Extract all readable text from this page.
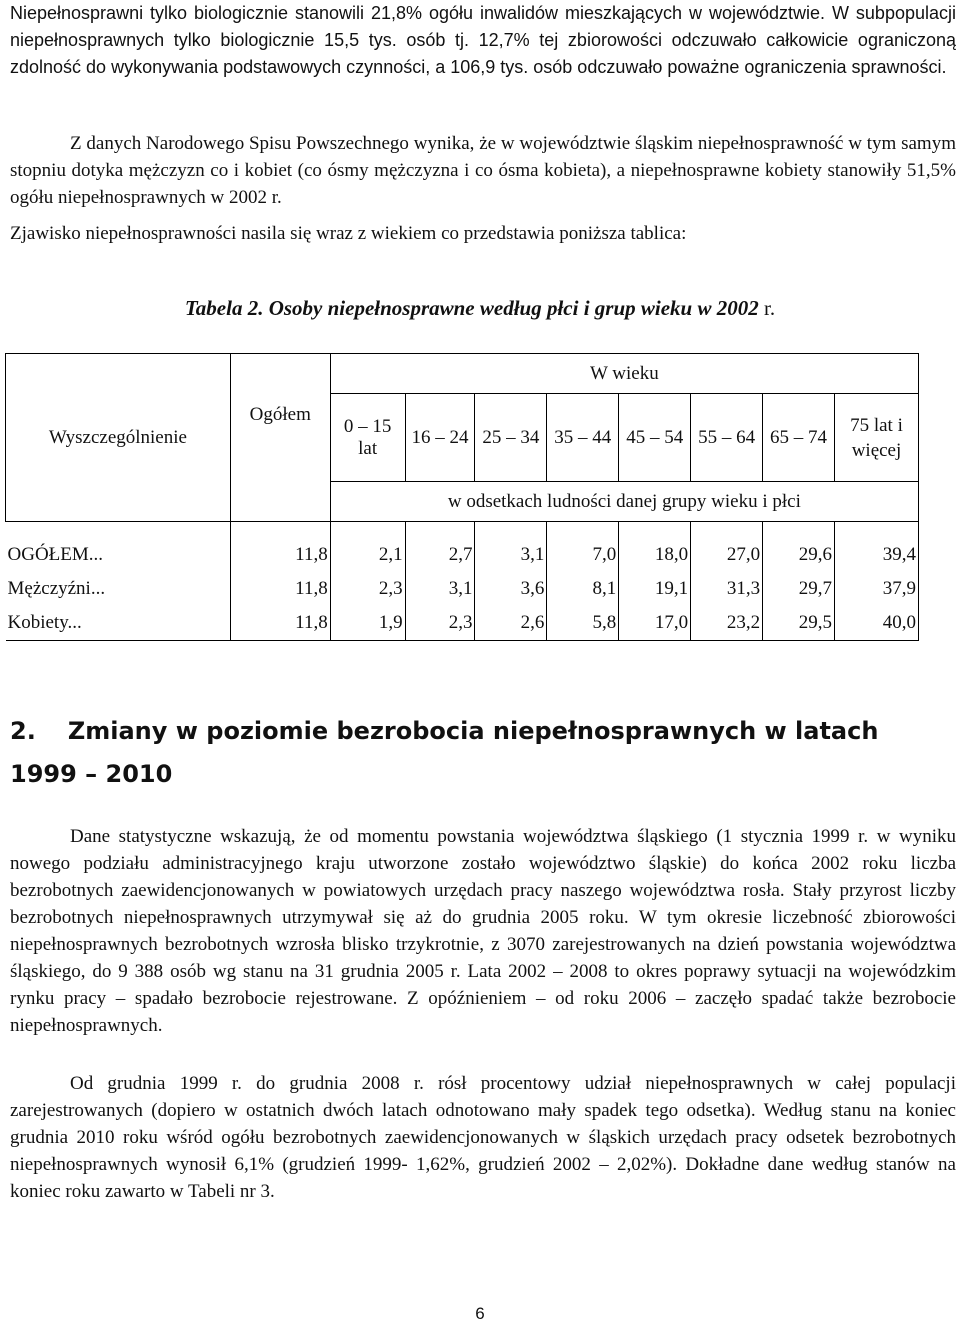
Niepełnosprawni tylko biologicznie stanowili 21,8% ogółu inwalidów mieszkających w województwie. W subpopulacji niepełnosprawnych tylko biologicznie 15,5 tys. osób tj. 12,7% tej zbiorowości odczuwało całkowicie ograniczoną zdolność do wykonywania podstawowych czynności, a 106,9 tys. osób odczuwało poważne ograniczenia sprawności.

Z danych Narodowego Spisu Powszechnego wynika, że w województwie śląskim niepełnosprawność w tym samym stopniu dotyka mężczyzn co i kobiet (co ósmy mężczyzna i co ósma kobieta), a niepełnosprawne kobiety stanowiły 51,5% ogółu niepełnosprawnych w 2002 r.

Zjawisko niepełnosprawności nasila się wraz z wiekiem co przedstawia poniższa tablica:

Tabela 2. Osoby niepełnosprawne według płci i grup wieku w 2002 r.
Wyszczególnienie	Ogółem	W wieku							
		0 – 15 lat	16 – 24	25 – 34	35 – 44	45 – 54	55 – 64	65 – 74	75 lat i więcej
		w odsetkach ludności danej grupy wieku i płci							

OGÓŁEM...	11,8	2,1	2,7	3,1	7,0	18,0	27,0	29,6	39,4
Mężczyźni...	11,8	2,3	3,1	3,6	8,1	19,1	31,3	29,7	37,9
Kobiety...	11,8	1,9	2,3	2,6	5,8	17,0	23,2	29,5	40,0
2. Zmiany w poziomie bezrobocia niepełnosprawnych w latach 1999 – 2010

Dane statystyczne wskazują, że od momentu powstania województwa śląskiego (1 stycznia 1999 r. w wyniku nowego podziału administracyjnego kraju utworzone zostało województwo śląskie) do końca 2002 roku liczba bezrobotnych zaewidencjonowanych w powiatowych urzędach pracy naszego województwa rosła. Stały przyrost liczby bezrobotnych niepełnosprawnych utrzymywał się aż do grudnia 2005 roku. W tym okresie liczebność zbiorowości niepełnosprawnych bezrobotnych wzrosła blisko trzykrotnie, z 3070 zarejestrowanych na dzień powstania województwa śląskiego, do 9 388 osób wg stanu na 31 grudnia 2005 r. Lata 2002 – 2008 to okres poprawy sytuacji na wojewódzkim rynku pracy – spadało bezrobocie rejestrowane. Z opóźnieniem – od roku 2006 – zaczęło spadać także bezrobocie niepełnosprawnych.

Od grudnia 1999 r. do grudnia 2008 r. rósł procentowy udział niepełnosprawnych w całej populacji zarejestrowanych (dopiero w ostatnich dwóch latach odnotowano mały spadek tego odsetka). Według stanu na koniec grudnia 2010 roku wśród ogółu bezrobotnych zaewidencjonowanych w śląskich urzędach pracy odsetek bezrobotnych niepełnosprawnych wynosił 6,1% (grudzień 1999- 1,62%, grudzień 2002 – 2,02%). Dokładne dane według stanów na koniec roku zawarto w Tabeli nr 3.

6
